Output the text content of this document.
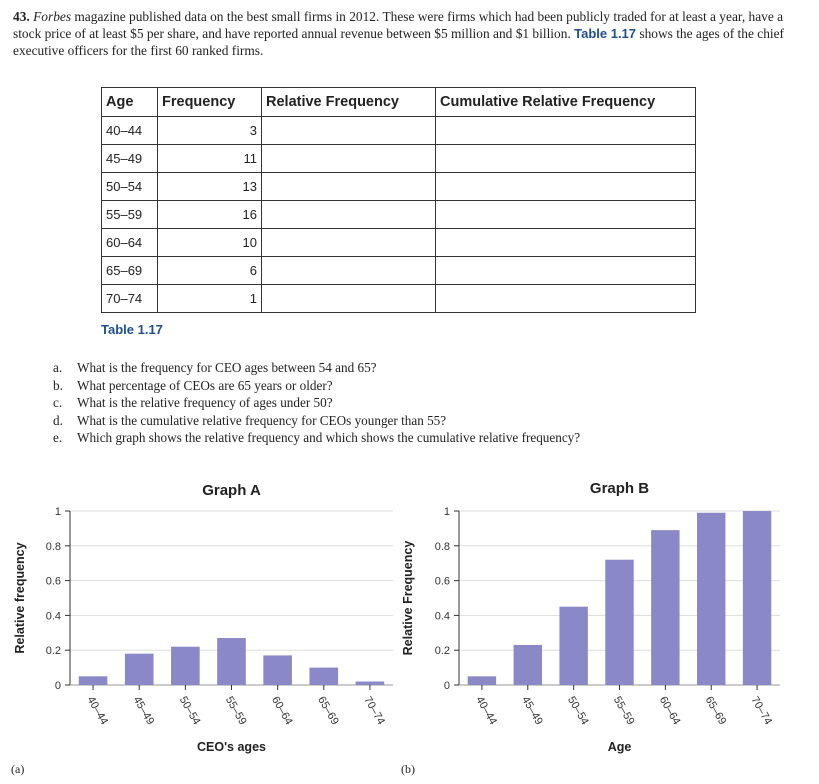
43. Forbes magazine published data on the best small firms in 2012. These were firms which had been publicly traded for at least a year, have a stock price of at least $5 per share, and have reported annual revenue between $5 million and $1 billion. Table 1.17 shows the ages of the chief executive officers for the first 60 ranked firms.
Age	Frequency	Relative Frequency	Cumulative Relative Frequency
40–44	3		
45–49	11		
50–54	13		
55–59	16		
60–64	10		
65–69	6		
70–74	1		
Table 1.17
a.	What is the frequency for CEO ages between 54 and 65?
b.	What percentage of CEOs are 65 years or older?
c.	What is the relative frequency of ages under 50?
d.	What is the cumulative relative frequency for CEOs younger than 55?
e.	Which graph shows the relative frequency and which shows the cumulative relative frequency?
0
0.2
0.4
0.6
0.8
1
40–44 45–49 50–54 55–59 60–64 65–69 70–74
Graph A
CEO's ages
Relative frequency
0
0.2
0.4
0.6
0.8
1
40–44 45–49 50–54 55–59 60–64 65–69 70–74
Graph B
Age
Relative Frequency
(a)	(b)
